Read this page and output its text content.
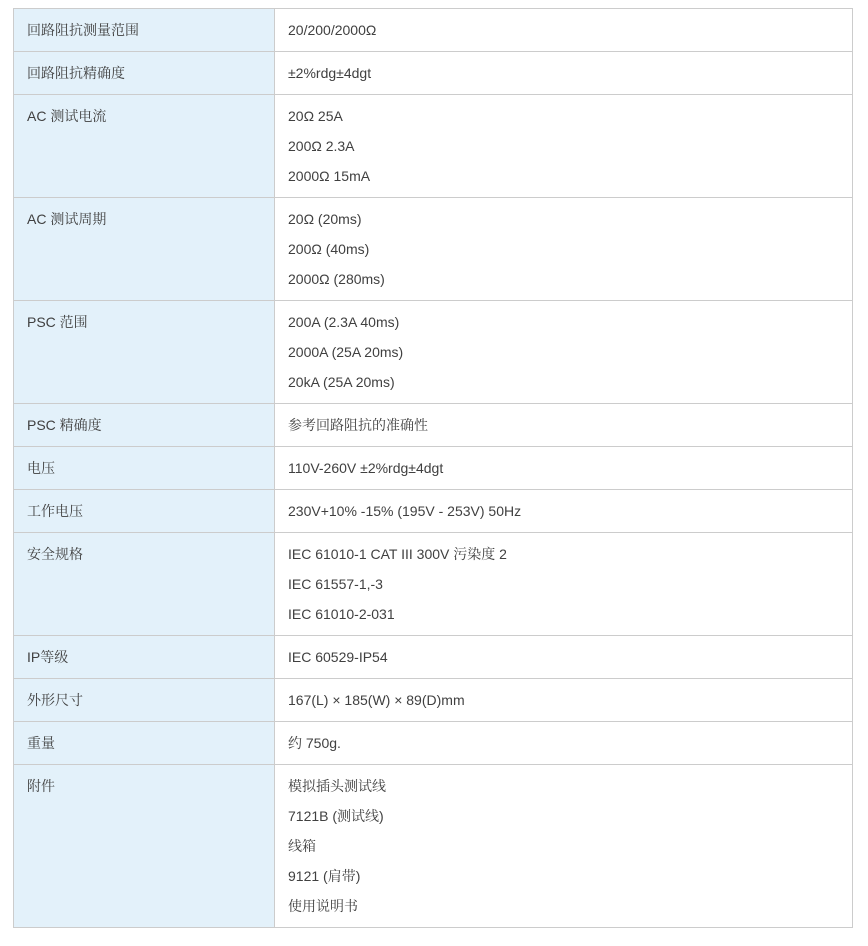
回路阻抗测量范围	20/200/2000Ω

回路阻抗精确度	±2%rdg±4dgt

AC 测试电流	20Ω 25A
200Ω 2.3A
2000Ω 15mA

AC 测试周期	20Ω (20ms)
200Ω (40ms)
2000Ω (280ms)

PSC 范围	200A (2.3A 40ms)
2000A (25A 20ms)
20kA (25A 20ms)

PSC 精确度	参考回路阻抗的准确性

电压	110V-260V ±2%rdg±4dgt

工作电压	230V+10% -15% (195V - 253V) 50Hz

安全规格	IEC 61010-1 CAT III 300V 污染度 2
IEC 61557-1,-3
IEC 61010-2-031

IP等级	IEC 60529-IP54

外形尺寸	167(L) × 185(W) × 89(D)mm

重量	约 750g.

附件	模拟插头测试线
7121B (测试线)
线箱
9121 (肩带)
使用说明书
